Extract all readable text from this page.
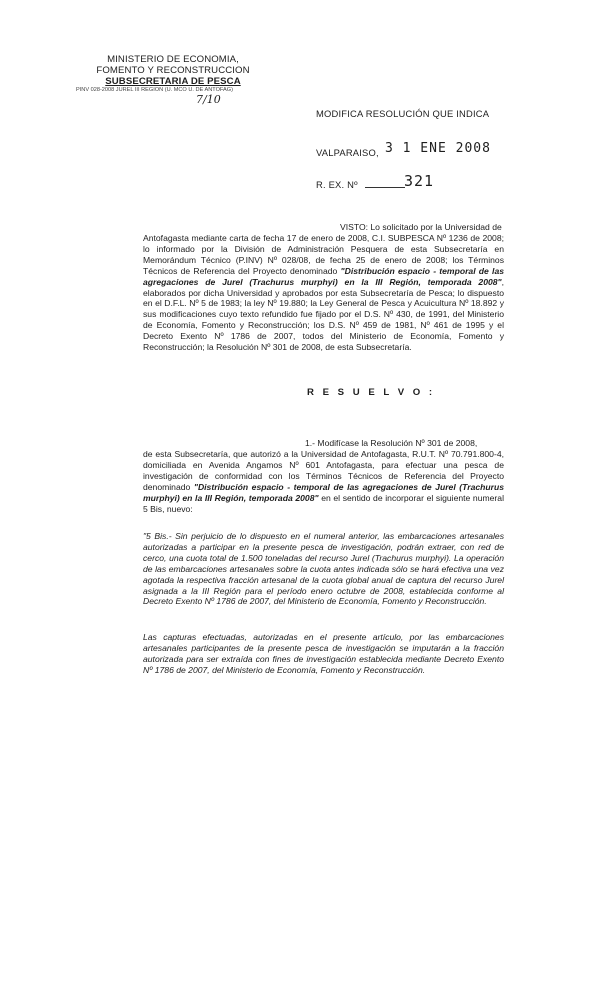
MINISTERIO DE ECONOMIA,
FOMENTO Y RECONSTRUCCION
SUBSECRETARIA DE PESCA
PINV 028-2008 JUREL III REGION (U. MCO U. DE ANTOFAG)
7/10
MODIFICA RESOLUCIÓN QUE INDICA
VALPARAISO, 3 1 ENE 2008
R. EX. Nº	321
VISTO: Lo solicitado por la Universidad de
Antofagasta mediante carta de fecha 17 de enero de 2008, C.I. SUBPESCA Nº 1236 de 2008; lo informado por la División de Administración Pesquera de esta Subsecretaría en Memorándum Técnico (P.INV) Nº 028/08, de fecha 25 de enero de 2008; los Términos Técnicos de Referencia del Proyecto denominado "Distribución espacio - temporal de las agregaciones de Jurel (Trachurus murphyi) en la III Región, temporada 2008", elaborados por dicha Universidad y aprobados por esta Subsecretaría de Pesca; lo dispuesto en el D.F.L. Nº 5 de 1983; la ley Nº 19.880; la Ley General de Pesca y Acuicultura Nº 18.892 y sus modificaciones cuyo texto refundido fue fijado por el D.S. Nº 430, de 1991, del Ministerio de Economía, Fomento y Reconstrucción; los D.S. Nº 459 de 1981, Nº 461 de 1995 y el Decreto Exento Nº 1786 de 2007, todos del Ministerio de Economía, Fomento y Reconstrucción; la Resolución Nº 301 de 2008, de esta Subsecretaría.
R E S U E L V O :
1.- Modifícase la Resolución Nº 301 de 2008,
de esta Subsecretaría, que autorizó a la Universidad de Antofagasta, R.U.T. Nº 70.791.800-4, domiciliada en Avenida Angamos Nº 601 Antofagasta, para efectuar una pesca de investigación de conformidad con los Términos Técnicos de Referencia del Proyecto denominado "Distribución espacio - temporal de las agregaciones de Jurel (Trachurus murphyi) en la III Región, temporada 2008" en el sentido de incorporar el siguiente numeral 5 Bis, nuevo:
"5 Bis.- Sin perjuicio de lo dispuesto en el numeral anterior, las embarcaciones artesanales autorizadas a participar en la presente pesca de investigación, podrán extraer, con red de cerco, una cuota total de 1.500 toneladas del recurso Jurel (Trachurus murphyi). La operación de las embarcaciones artesanales sobre la cuota antes indicada sólo se hará efectiva una vez agotada la respectiva fracción artesanal de la cuota global anual de captura del recurso Jurel asignada a la III Región para el período enero octubre de 2008, establecida conforme al Decreto Exento Nº 1786 de 2007, del Ministerio de Economía, Fomento y Reconstrucción.
Las capturas efectuadas, autorizadas en el presente artículo, por las embarcaciones artesanales participantes de la presente pesca de investigación se imputarán a la fracción autorizada para ser extraída con fines de investigación establecida mediante Decreto Exento Nº 1786 de 2007, del Ministerio de Economía, Fomento y Reconstrucción.
